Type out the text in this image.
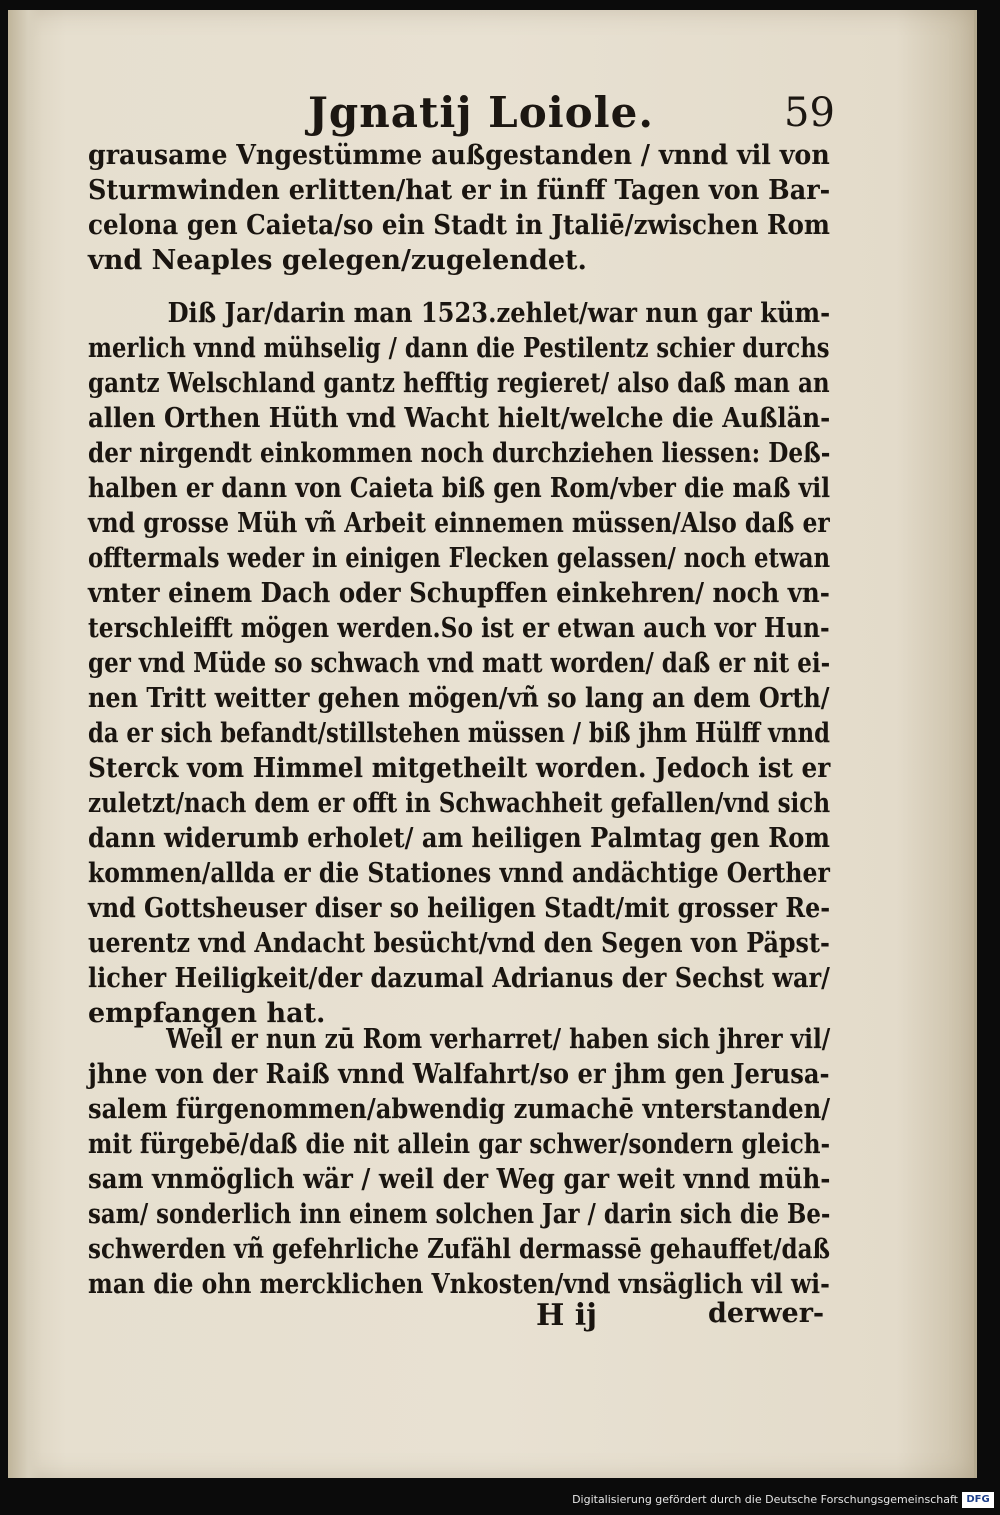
Jgnatij Loiole.	59
grausame Vngestümme außgestanden / vnnd vil von
Sturmwinden erlitten/hat er in fünff Tagen von Bar-
celona gen Caieta/so ein Stadt in Jtaliē/zwischen Rom
vnd Neaples gelegen/zugelendet.
Diß Jar/darin man 1523.zehlet/war nun gar küm-
merlich vnnd mühselig / dann die Pestilentz schier durchs
gantz Welschland gantz hefftig regieret/ also daß man an
allen Orthen Hüth vnd Wacht hielt/welche die Außlän-
der nirgendt einkommen noch durchziehen liessen: Deß-
halben er dann von Caieta biß gen Rom/vber die maß vil
vnd grosse Müh vñ Arbeit einnemen müssen/Also daß er
offtermals weder in einigen Flecken gelassen/ noch etwan
vnter einem Dach oder Schupffen einkehren/ noch vn-
terschleifft mögen werden.So ist er etwan auch vor Hun-
ger vnd Müde so schwach vnd matt worden/ daß er nit ei-
nen Tritt weitter gehen mögen/vñ so lang an dem Orth/
da er sich befandt/stillstehen müssen / biß jhm Hülff vnnd
Sterck vom Himmel mitgetheilt worden. Jedoch ist er
zuletzt/nach dem er offt in Schwachheit gefallen/vnd sich
dann widerumb erholet/ am heiligen Palmtag gen Rom
kommen/allda er die Stationes vnnd andächtige Oerther
vnd Gottsheuser diser so heiligen Stadt/mit grosser Re-
uerentz vnd Andacht besücht/vnd den Segen von Päpst-
licher Heiligkeit/der dazumal Adrianus der Sechst war/
empfangen hat.
Weil er nun zū Rom verharret/ haben sich jhrer vil/
jhne von der Raiß vnnd Walfahrt/so er jhm gen Jerusa-
salem fürgenommen/abwendig zumachē vnterstanden/
mit fürgebē/daß die nit allein gar schwer/sondern gleich-
sam vnmöglich wär / weil der Weg gar weit vnnd müh-
sam/ sonderlich inn einem solchen Jar / darin sich die Be-
schwerden vñ gefehrliche Zufähl dermassē gehauffet/daß
man die ohn mercklichen Vnkosten/vnd vnsäglich vil wi-
H ij	derwer-
Digitalisierung gefördert durch die Deutsche Forschungsgemeinschaft DFG
